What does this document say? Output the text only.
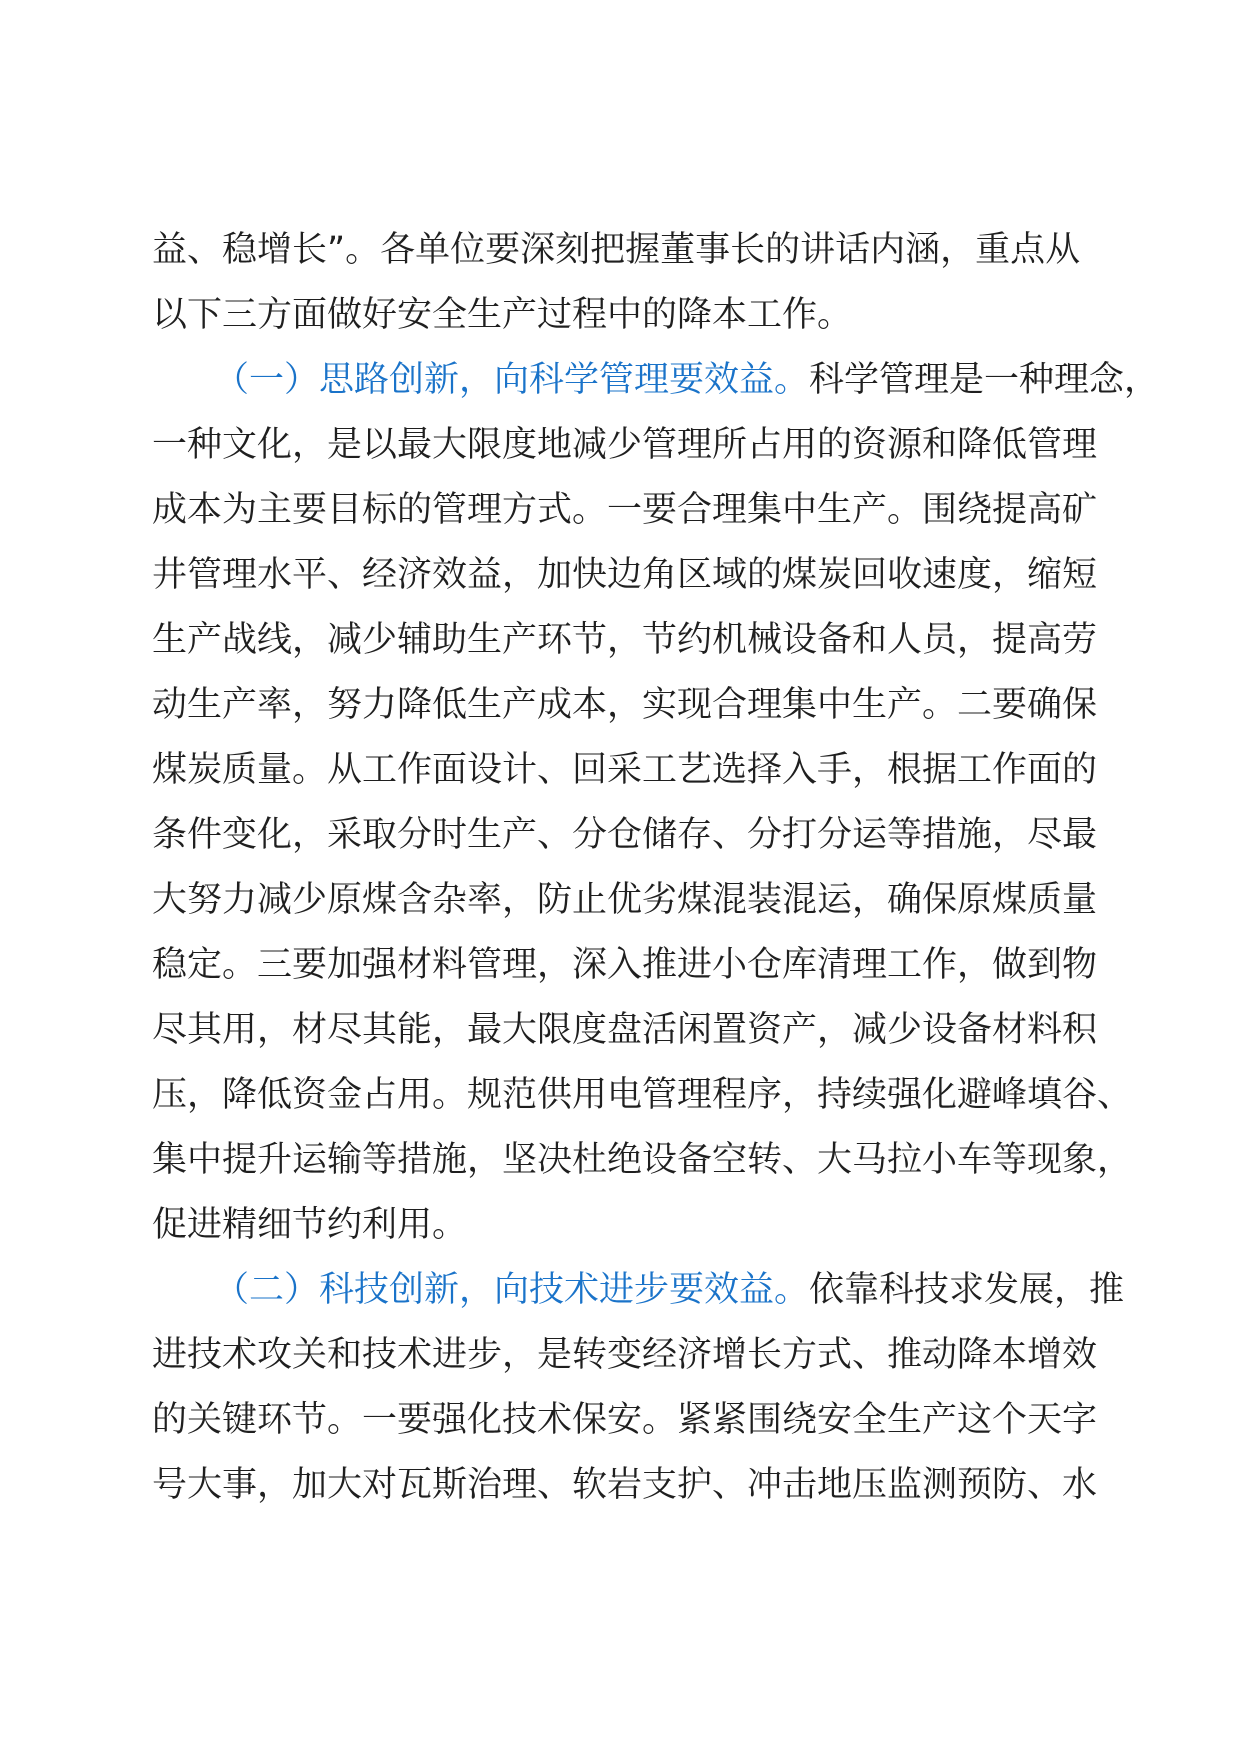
益、稳增长”。各单位要深刻把握董事长的讲话内涵，重点从
以下三方面做好安全生产过程中的降本工作。
（一）思路创新，向科学管理要效益。科学管理是一种理念，
一种文化，是以最大限度地减少管理所占用的资源和降低管理
成本为主要目标的管理方式。一要合理集中生产。围绕提高矿
井管理水平、经济效益，加快边角区域的煤炭回收速度，缩短
生产战线，减少辅助生产环节，节约机械设备和人员，提高劳
动生产率，努力降低生产成本，实现合理集中生产。二要确保
煤炭质量。从工作面设计、回采工艺选择入手，根据工作面的
条件变化，采取分时生产、分仓储存、分打分运等措施，尽最
大努力减少原煤含杂率，防止优劣煤混装混运，确保原煤质量
稳定。三要加强材料管理，深入推进小仓库清理工作，做到物
尽其用，材尽其能，最大限度盘活闲置资产，减少设备材料积
压，降低资金占用。规范供用电管理程序，持续强化避峰填谷、
集中提升运输等措施，坚决杜绝设备空转、大马拉小车等现象，
促进精细节约利用。
（二）科技创新，向技术进步要效益。依靠科技求发展，推
进技术攻关和技术进步，是转变经济增长方式、推动降本增效
的关键环节。一要强化技术保安。紧紧围绕安全生产这个天字
号大事，加大对瓦斯治理、软岩支护、冲击地压监测预防、水
